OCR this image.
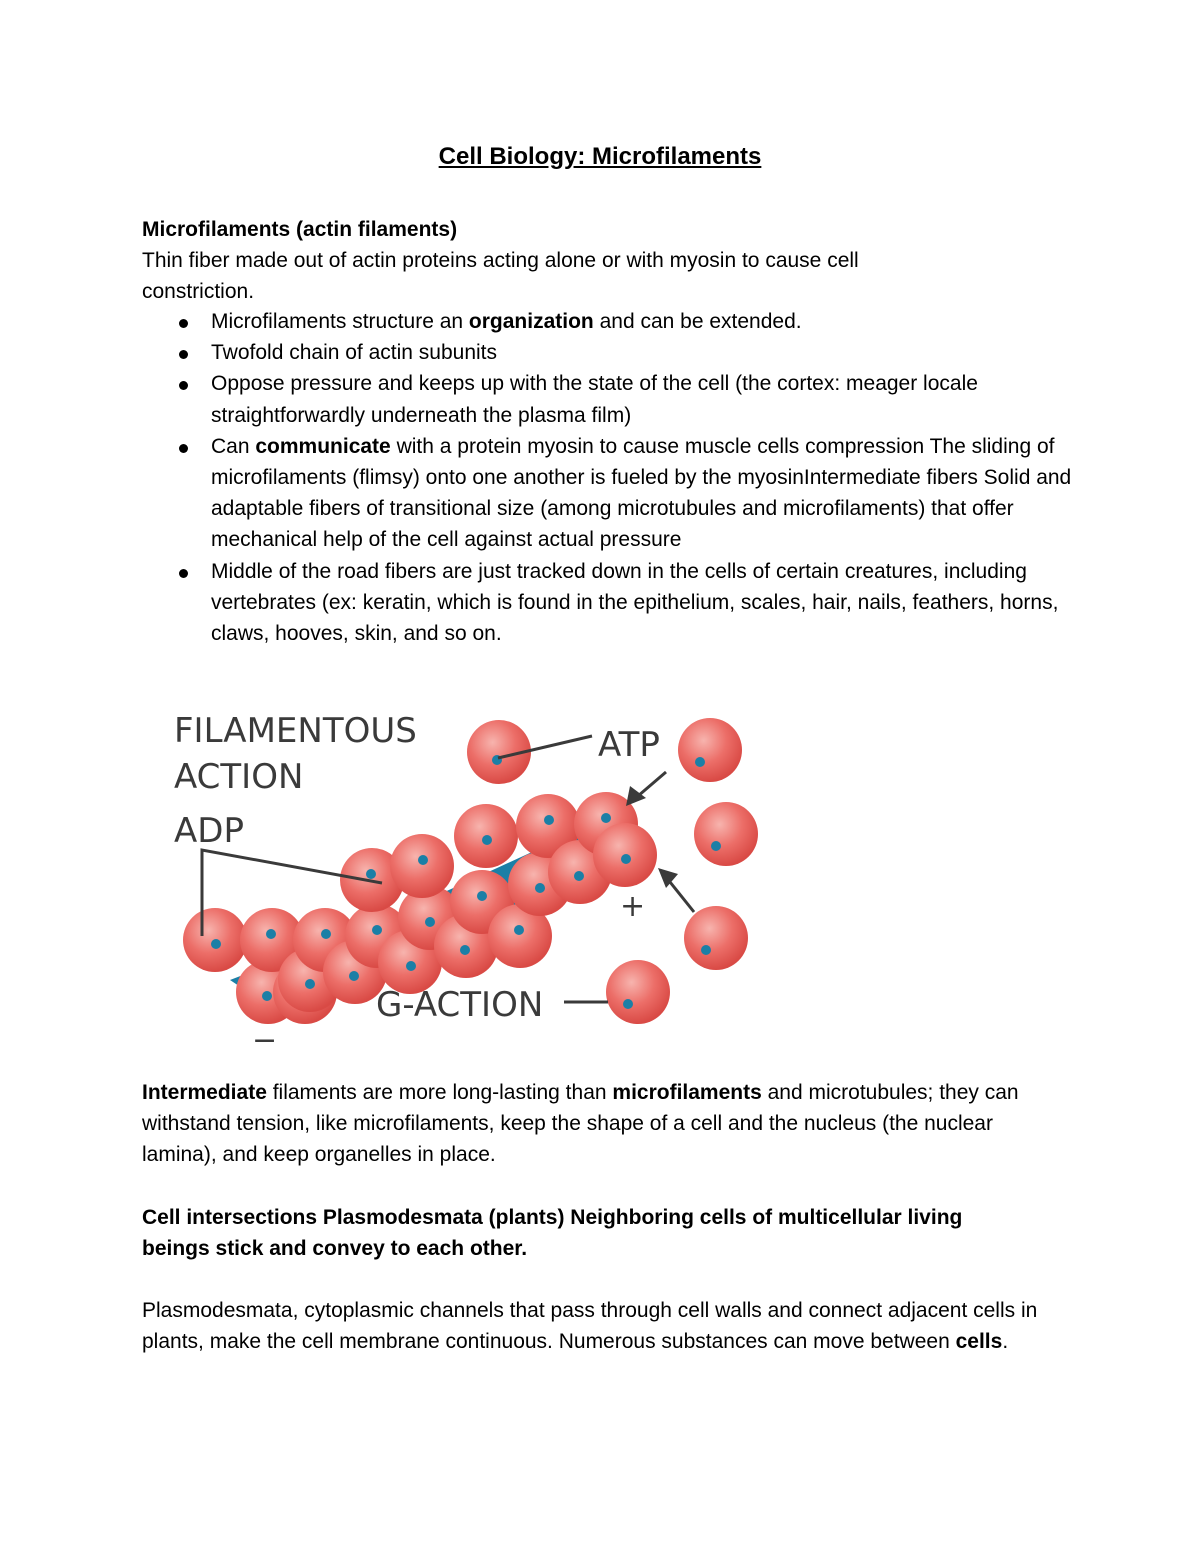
Cell Biology: Microfilaments
Microfilaments (actin filaments)
Thin fiber made out of actin proteins acting alone or with myosin to cause cell
constriction.
Microfilaments structure an organization and can be extended.
Twofold chain of actin subunits
Oppose pressure and keeps up with the state of the cell (the cortex: meager locale straightforwardly underneath the plasma film)
Can communicate with a protein myosin to cause muscle cells compression The sliding of microfilaments (flimsy) onto one another is fueled by the myosinIntermediate fibers Solid and adaptable fibers of transitional size (among microtubules and microfilaments) that offer mechanical help of the cell against actual pressure
Middle of the road fibers are just tracked down in the cells of certain creatures, including vertebrates (ex: keratin, which is found in the epithelium, scales, hair, nails, feathers, horns, claws, hooves, skin, and so on.
FILAMENTOUS
ACTION
ADP
ATP
G-ACTION
+
−
Intermediate filaments are more long-lasting than microfilaments and microtubules; they can withstand tension, like microfilaments, keep the shape of a cell and the nucleus (the nuclear lamina), and keep organelles in place.
Cell intersections Plasmodesmata (plants) Neighboring cells of multicellular living beings stick and convey to each other.
Plasmodesmata, cytoplasmic channels that pass through cell walls and connect adjacent cells in plants, make the cell membrane continuous. Numerous substances can move between cells.
